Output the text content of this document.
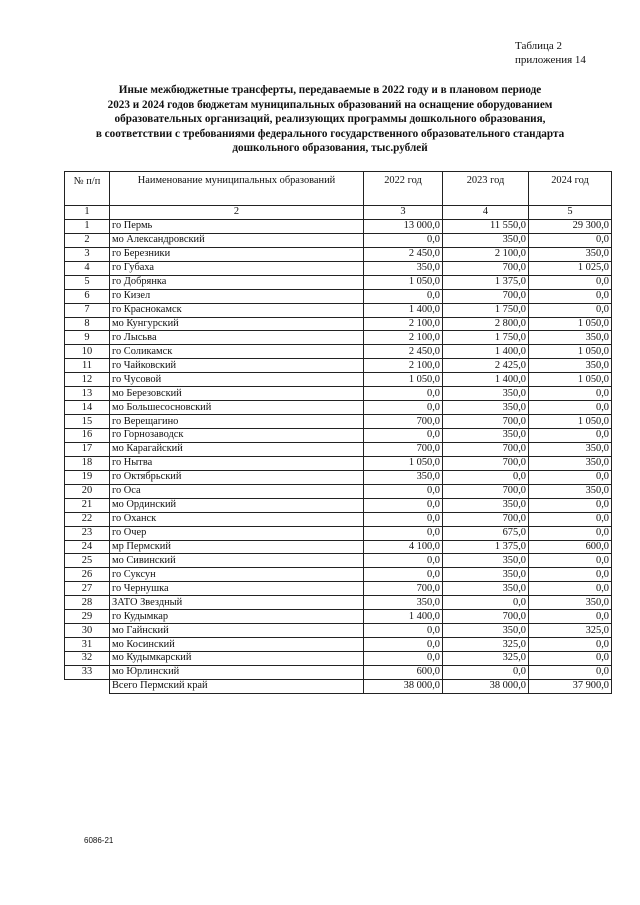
Таблица 2
приложения 14
Иные межбюджетные трансферты, передаваемые в 2022 году и в плановом периоде
2023 и 2024 годов бюджетам муниципальных образований на оснащение оборудованием
образовательных организаций, реализующих программы дошкольного образования,
в соответствии с требованиями федерального государственного образовательного стандарта
дошкольного образования, тыс.рублей
№ п/п	Наименование муниципальных образований	2022 год	2023 год	2024 год
1	2	3	4	5
1	го Пермь	13 000,0	11 550,0	29 300,0
2	мо Александровский	0,0	350,0	0,0
3	го Березники	2 450,0	2 100,0	350,0
4	го Губаха	350,0	700,0	1 025,0
5	го Добрянка	1 050,0	1 375,0	0,0
6	го Кизел	0,0	700,0	0,0
7	го Краснокамск	1 400,0	1 750,0	0,0
8	мо Кунгурский	2 100,0	2 800,0	1 050,0
9	го Лысьва	2 100,0	1 750,0	350,0
10	го Соликамск	2 450,0	1 400,0	1 050,0
11	го Чайковский	2 100,0	2 425,0	350,0
12	го Чусовой	1 050,0	1 400,0	1 050,0
13	мо Березовский	0,0	350,0	0,0
14	мо Большесосновский	0,0	350,0	0,0
15	го Верещагино	700,0	700,0	1 050,0
16	го Горнозаводск	0,0	350,0	0,0
17	мо Карагайский	700,0	700,0	350,0
18	го Нытва	1 050,0	700,0	350,0
19	го Октябрьский	350,0	0,0	0,0
20	го Оса	0,0	700,0	350,0
21	мо Ординский	0,0	350,0	0,0
22	го Оханск	0,0	700,0	0,0
23	го Очер	0,0	675,0	0,0
24	мр Пермский	4 100,0	1 375,0	600,0
25	мо Сивинский	0,0	350,0	0,0
26	го Суксун	0,0	350,0	0,0
27	го Чернушка	700,0	350,0	0,0
28	ЗАТО Звездный	350,0	0,0	350,0
29	го Кудымкар	1 400,0	700,0	0,0
30	мо Гайнский	0,0	350,0	325,0
31	мо Косинский	0,0	325,0	0,0
32	мо Кудымкарский	0,0	325,0	0,0
33	мо Юрлинский	600,0	0,0	0,0
	Всего Пермский край	38 000,0	38 000,0	37 900,0
6086-21
